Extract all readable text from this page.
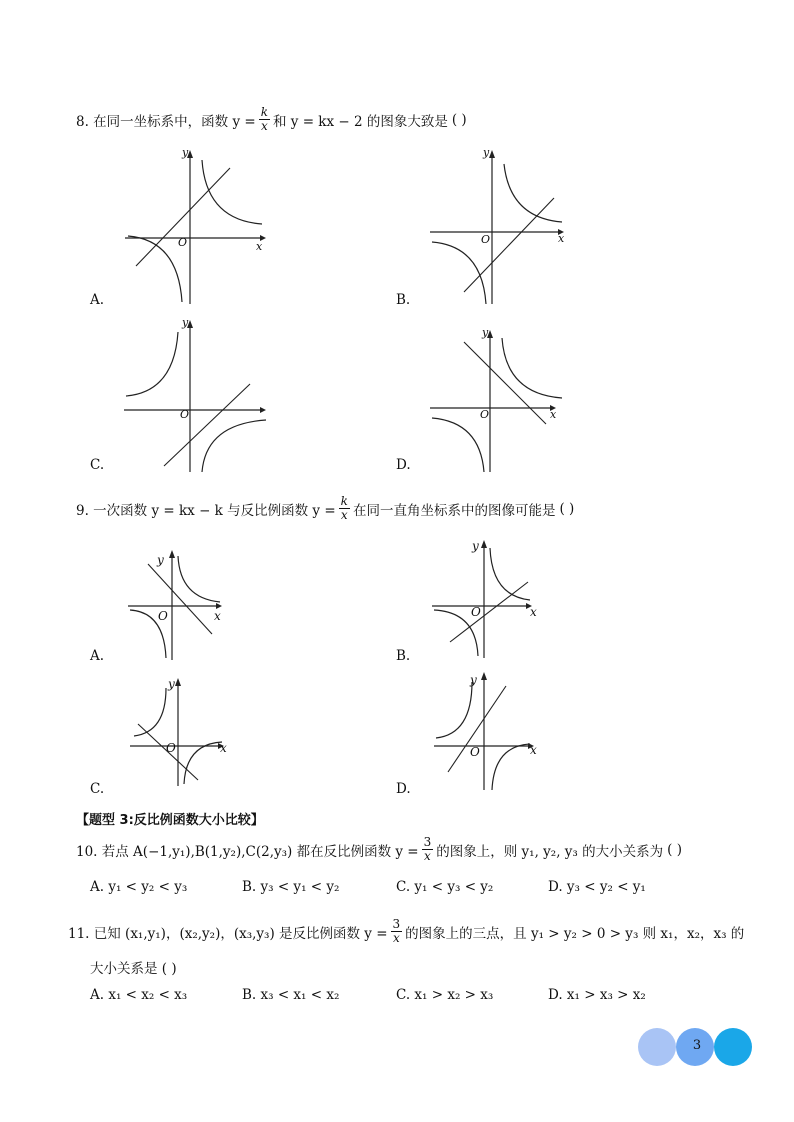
8. 在同一坐标系中，函数 $y = \frac{k}{x}$ 和 y = kx − 2 的图象大致是 ( )
y
x
O
A.
y
x
O
B.
y
O
C.
y
x
O
D.
9. 一次函数 y = kx − k 与反比例函数 $y = \frac{k}{x}$ 在同一直角坐标系中的图像可能是 ( )
y
x
O
A.
y
x
O
B.
y
x
O
C.
y
x
O
D.
【题型 3:反比例函数大小比较】
10. 若点 A(−1,y₁),B(1,y₂),C(2,y₃) 都在反比例函数 $y = \frac{3}{x}$ 的图象上，则 y₁, y₂, y₃ 的大小关系为 ( )
A. y₁ < y₂ < y₃	B. y₃ < y₁ < y₂	C. y₁ < y₃ < y₂	D. y₃ < y₂ < y₁
11. 已知 (x₁,y₁)，(x₂,y₂)，(x₃,y₃) 是反比例函数 $y = \frac{3}{x}$ 的图象上的三点，且 y₁ > y₂ > 0 > y₃ 则 x₁，x₂，x₃ 的
大小关系是 ( )
A. x₁ < x₂ < x₃	B. x₃ < x₁ < x₂	C. x₁ > x₂ > x₃	D. x₁ > x₃ > x₂
3
